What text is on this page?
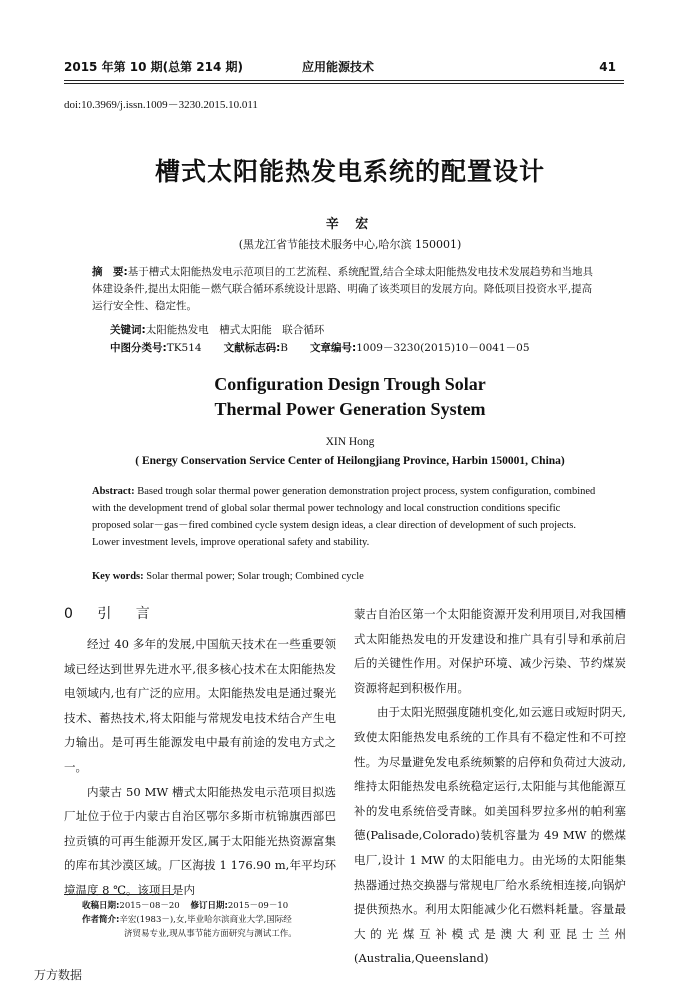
2015 年第 10 期(总第 214 期)	应用能源技术	41
doi:10.3969/j.issn.1009－3230.2015.10.011
槽式太阳能热发电系统的配置设计
辛 宏
(黑龙江省节能技术服务中心,哈尔滨 150001)
摘　要:基于槽式太阳能热发电示范项目的工艺流程、系统配置,结合全球太阳能热发电技术发展趋势和当地具体建设条件,提出太阳能－燃气联合循环系统设计思路、明确了该类项目的发展方向。降低项目投资水平,提高运行安全性、稳定性。
关键词:太阳能热发电　槽式太阳能　联合循环
中图分类号:TK514 文献标志码:B 文章编号:1009－3230(2015)10－0041－05
Configuration Design Trough Solar Thermal Power Generation System
XIN Hong
( Energy Conservation Service Center of Heilongjiang Province, Harbin 150001, China)
Abstract: Based trough solar thermal power generation demonstration project process, system configuration, combined with the development trend of global solar thermal power technology and local construction conditions specific proposed solar－gas－fired combined cycle system design ideas, a clear direction of development of such projects. Lower investment levels, improve operational safety and stability.
Key words: Solar thermal power; Solar trough; Combined cycle
0 引 言

经过 40 多年的发展,中国航天技术在一些重要领域已经达到世界先进水平,很多核心技术在太阳能热发电领域内,也有广泛的应用。太阳能热发电是通过聚光技术、蓄热技术,将太阳能与常规发电技术结合产生电力输出。是可再生能源发电中最有前途的发电方式之一。

内蒙古 50 MW 槽式太阳能热发电示范项目拟选厂址位于位于内蒙古自治区鄂尔多斯市杭锦旗西部巴拉贡镇的可再生能源开发区,属于太阳能光热资源富集的库布其沙漠区域。厂区海拔 1 176.90 m,年平均环境温度 8 ℃。该项目是内

蒙古自治区第一个太阳能资源开发利用项目,对我国槽式太阳能热发电的开发建设和推广具有引导和承前启后的关键性作用。对保护环境、减少污染、节约煤炭资源将起到积极作用。

由于太阳光照强度随机变化,如云遮日或短时阴天,致使太阳能热发电系统的工作具有不稳定性和不可控性。为尽量避免发电系统频繁的启停和负荷过大波动,维持太阳能热发电系统稳定运行,太阳能与其他能源互补的发电系统倍受青睐。如美国科罗拉多州的帕利塞德(Palisade,Colorado)装机容量为 49 MW 的燃煤电厂,设计 1 MW 的太阳能电力。由光场的太阳能集热器通过热交换器与常规电厂给水系统相连接,向锅炉提供预热水。利用太阳能减少化石燃料耗量。容量最大的光煤互补模式是澳大利亚昆士兰州(Australia,Queensland)

收稿日期:2015－08－20 修订日期:2015－09－10
作者简介:辛宏(1983－),女,毕业哈尔滨商业大学,国际经
济贸易专业,现从事节能方面研究与测试工作。
万方数据
